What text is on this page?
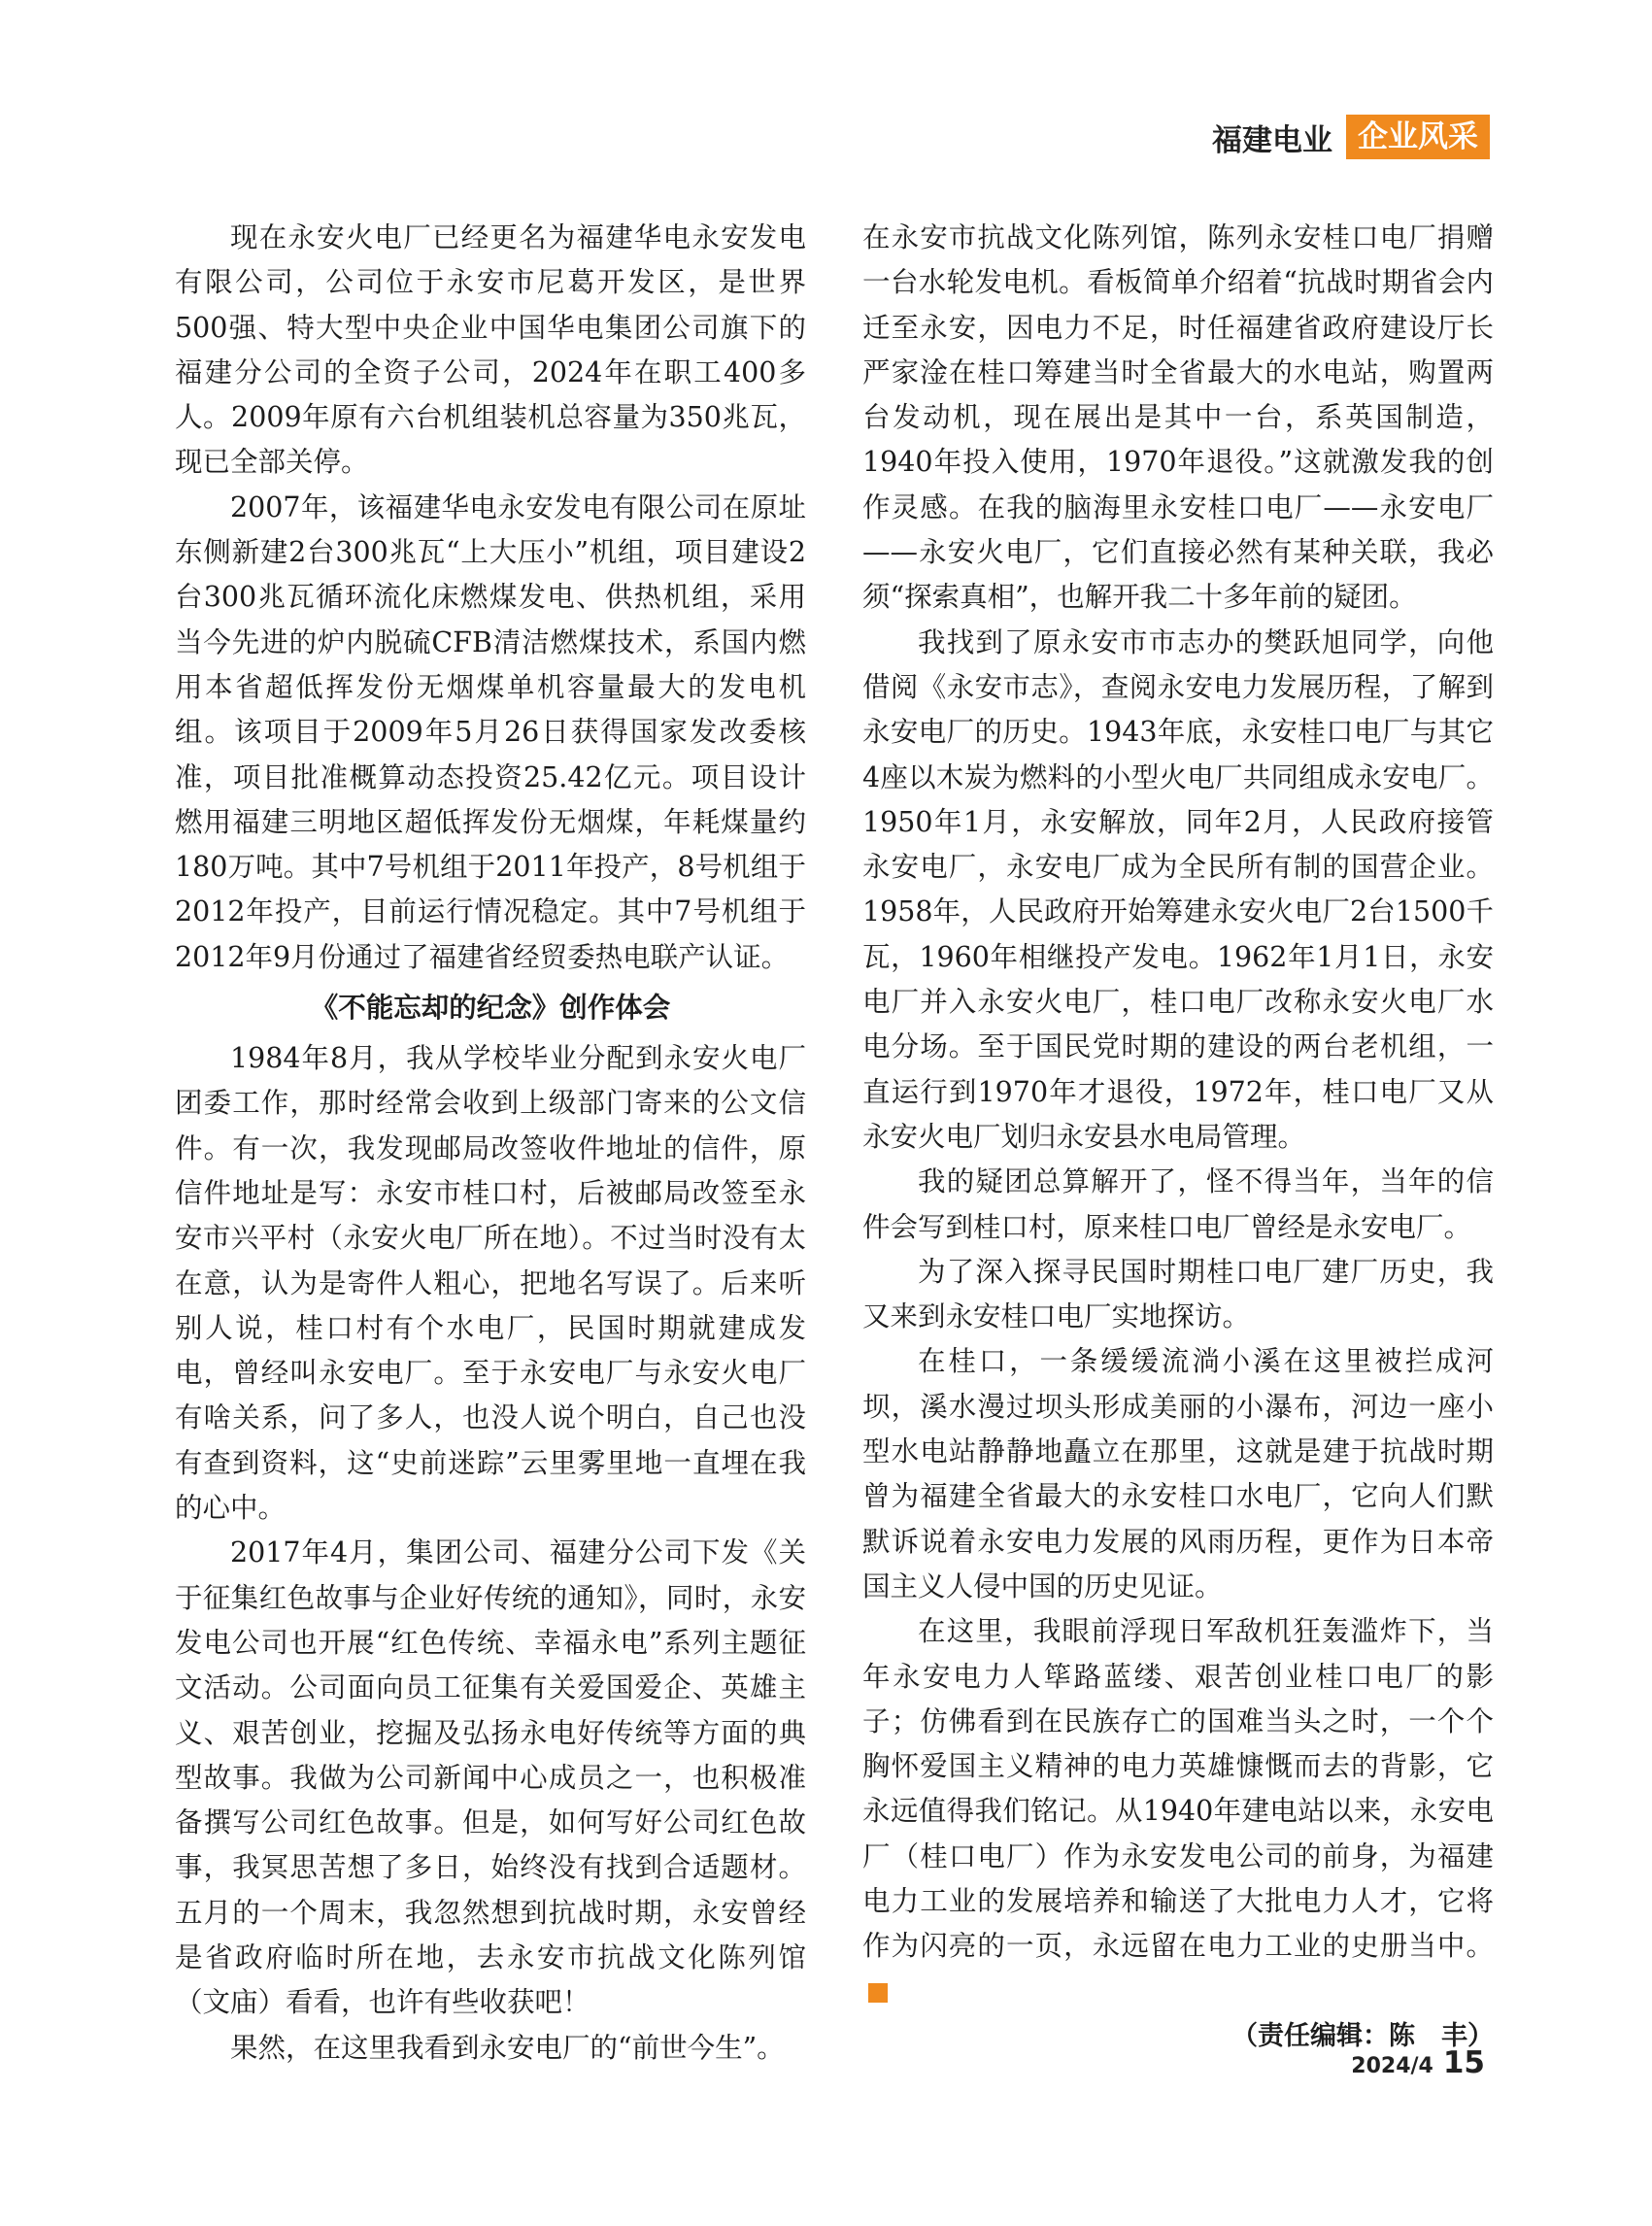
福建电业 企业风采

现在永安火电厂已经更名为福建华电永安发电有限公司，公司位于永安市尼葛开发区，是世界500强、特大型中央企业中国华电集团公司旗下的福建分公司的全资子公司，2024年在职工400多人。2009年原有六台机组装机总容量为350兆瓦，现已全部关停。

2007年，该福建华电永安发电有限公司在原址东侧新建2台300兆瓦“上大压小”机组，项目建设2台300兆瓦循环流化床燃煤发电、供热机组，采用当今先进的炉内脱硫CFB清洁燃煤技术，系国内燃用本省超低挥发份无烟煤单机容量最大的发电机组。该项目于2009年5月26日获得国家发改委核准，项目批准概算动态投资25.42亿元。项目设计燃用福建三明地区超低挥发份无烟煤，年耗煤量约180万吨。其中7号机组于2011年投产，8号机组于2012年投产，目前运行情况稳定。其中7号机组于2012年9月份通过了福建省经贸委热电联产认证。

《不能忘却的纪念》创作体会

1984年8月，我从学校毕业分配到永安火电厂团委工作，那时经常会收到上级部门寄来的公文信件。有一次，我发现邮局改签收件地址的信件，原信件地址是写：永安市桂口村，后被邮局改签至永安市兴平村（永安火电厂所在地）。不过当时没有太在意，认为是寄件人粗心，把地名写误了。后来听别人说，桂口村有个水电厂，民国时期就建成发电，曾经叫永安电厂。至于永安电厂与永安火电厂有啥关系，问了多人，也没人说个明白，自己也没有查到资料，这“史前迷踪”云里雾里地一直埋在我的心中。

2017年4月，集团公司、福建分公司下发《关于征集红色故事与企业好传统的通知》，同时，永安发电公司也开展“红色传统、幸福永电”系列主题征文活动。公司面向员工征集有关爱国爱企、英雄主义、艰苦创业，挖掘及弘扬永电好传统等方面的典型故事。我做为公司新闻中心成员之一，也积极准备撰写公司红色故事。但是，如何写好公司红色故事，我冥思苦想了多日，始终没有找到合适题材。五月的一个周末，我忽然想到抗战时期，永安曾经是省政府临时所在地，去永安市抗战文化陈列馆（文庙）看看，也许有些收获吧！

果然，在这里我看到永安电厂的“前世今生”。

在永安市抗战文化陈列馆，陈列永安桂口电厂捐赠一台水轮发电机。看板简单介绍着“抗战时期省会内迁至永安，因电力不足，时任福建省政府建设厅长严家淦在桂口筹建当时全省最大的水电站，购置两台发动机，现在展出是其中一台，系英国制造，1940年投入使用，1970年退役。”这就激发我的创作灵感。在我的脑海里永安桂口电厂——永安电厂——永安火电厂，它们直接必然有某种关联，我必须“探索真相”，也解开我二十多年前的疑团。

我找到了原永安市市志办的樊跃旭同学，向他借阅《永安市志》，查阅永安电力发展历程，了解到永安电厂的历史。1943年底，永安桂口电厂与其它4座以木炭为燃料的小型火电厂共同组成永安电厂。1950年1月，永安解放，同年2月，人民政府接管永安电厂，永安电厂成为全民所有制的国营企业。1958年，人民政府开始筹建永安火电厂2台1500千瓦，1960年相继投产发电。1962年1月1日，永安电厂并入永安火电厂，桂口电厂改称永安火电厂水电分场。至于国民党时期的建设的两台老机组，一直运行到1970年才退役，1972年，桂口电厂又从永安火电厂划归永安县水电局管理。

我的疑团总算解开了，怪不得当年，当年的信件会写到桂口村，原来桂口电厂曾经是永安电厂。

为了深入探寻民国时期桂口电厂建厂历史，我又来到永安桂口电厂实地探访。

在桂口，一条缓缓流淌小溪在这里被拦成河坝，溪水漫过坝头形成美丽的小瀑布，河边一座小型水电站静静地矗立在那里，这就是建于抗战时期曾为福建全省最大的永安桂口水电厂，它向人们默默诉说着永安电力发展的风雨历程，更作为日本帝国主义人侵中国的历史见证。

在这里，我眼前浮现日军敌机狂轰滥炸下，当年永安电力人筚路蓝缕、艰苦创业桂口电厂的影子；仿佛看到在民族存亡的国难当头之时，一个个胸怀爱国主义精神的电力英雄慷慨而去的背影，它永远值得我们铭记。从1940年建电站以来，永安电厂（桂口电厂）作为永安发电公司的前身，为福建电力工业的发展培养和输送了大批电力人才，它将作为闪亮的一页，永远留在电力工业的史册当中。

（责任编辑：陈　丰）
2024/4 15
